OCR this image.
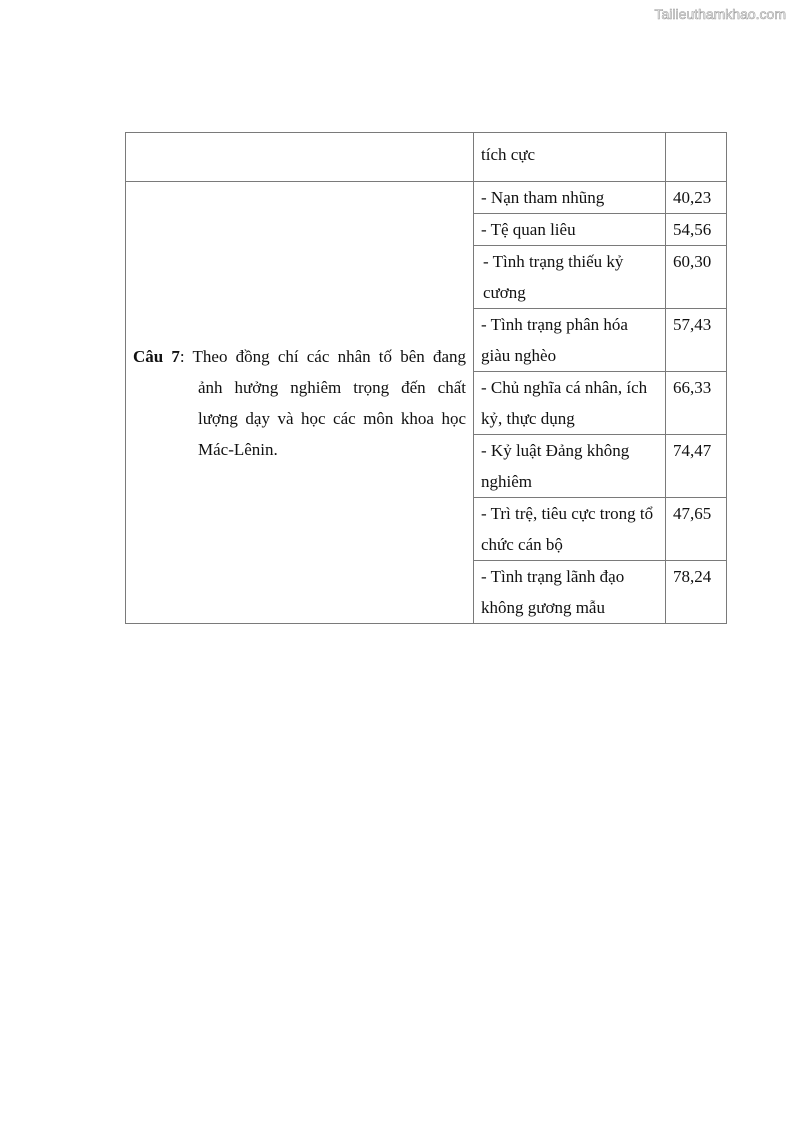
Tailieuthamkhao.com

	tích cực	

Câu 7: Theo đồng chí các nhân tố bên đang
ảnh hưởng nghiêm trọng đến chất
lượng dạy và học các môn khoa học
Mác-Lênin.	- Nạn tham nhũng	40,23

	- Tệ quan liêu	54,56

	- Tình trạng thiếu kỷ cương	60,30

	- Tình trạng phân hóa giàu nghèo	57,43

	- Chủ nghĩa cá nhân, ích kỷ, thực dụng	66,33

	- Kỷ luật Đảng không nghiêm	74,47

	- Trì trệ, tiêu cực trong tổ chức cán bộ	47,65

	- Tình trạng lãnh đạo không gương mẫu	78,24
